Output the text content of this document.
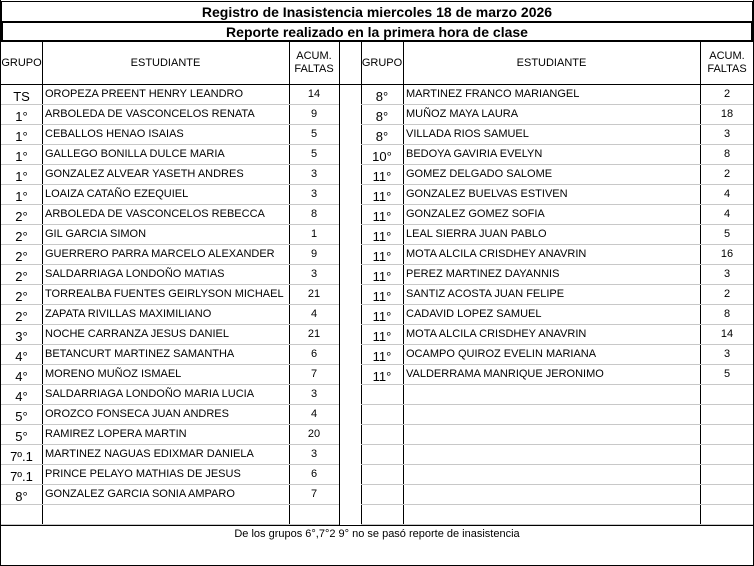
Registro de Inasistencia miercoles 18 de marzo 2026
Reporte realizado en la primera hora de clase
GRUPO	ESTUDIANTE
ACUM.
FALTAS
GRUPO	ESTUDIANTE
ACUM.
FALTAS
TS	OROPEZA PREENT HENRY LEANDRO	14
1°	ARBOLEDA DE VASCONCELOS RENATA	9
1°	CEBALLOS HENAO ISAIAS	5
1°	GALLEGO BONILLA DULCE MARIA	5
1°	GONZALEZ ALVEAR YASETH ANDRES	3
1°	LOAIZA CATAÑO EZEQUIEL	3
2°	ARBOLEDA DE VASCONCELOS REBECCA	8
2°	GIL GARCIA SIMON	1
2°	GUERRERO PARRA MARCELO ALEXANDER	9
2°	SALDARRIAGA LONDOÑO MATIAS	3
2°	TORREALBA FUENTES GEIRLYSON MICHAEL	21
2°	ZAPATA RIVILLAS MAXIMILIANO	4
3°	NOCHE CARRANZA JESUS DANIEL	21
4°	BETANCURT MARTINEZ SAMANTHA	6
4°	MORENO MUÑOZ ISMAEL	7
4°	SALDARRIAGA LONDOÑO MARIA LUCIA	3
5°	OROZCO FONSECA JUAN ANDRES	4
5°	RAMIREZ LOPERA MARTIN	20
7º.1	MARTINEZ NAGUAS EDIXMAR DANIELA	3
7º.1	PRINCE PELAYO MATHIAS DE JESUS	6
8°	GONZALEZ GARCIA SONIA AMPARO	7
8°	MARTINEZ FRANCO MARIANGEL	2
8°	MUÑOZ MAYA LAURA	18
8°	VILLADA RIOS SAMUEL	3
10°	BEDOYA GAVIRIA EVELYN	8
11°	GOMEZ DELGADO SALOME	2
11°	GONZALEZ BUELVAS ESTIVEN	4
11°	GONZALEZ GOMEZ SOFIA	4
11°	LEAL SIERRA JUAN PABLO	5
11°	MOTA ALCILA CRISDHEY ANAVRIN	16
11°	PEREZ MARTINEZ DAYANNIS	3
11°	SANTIZ ACOSTA JUAN FELIPE	2
11°	CADAVID LOPEZ SAMUEL	8
11°	MOTA ALCILA CRISDHEY ANAVRIN	14
11°	OCAMPO QUIROZ EVELIN MARIANA	3
11°	VALDERRAMA MANRIQUE JERONIMO	5
De los grupos 6°,7°2 9° no se pasó reporte de inasistencia
